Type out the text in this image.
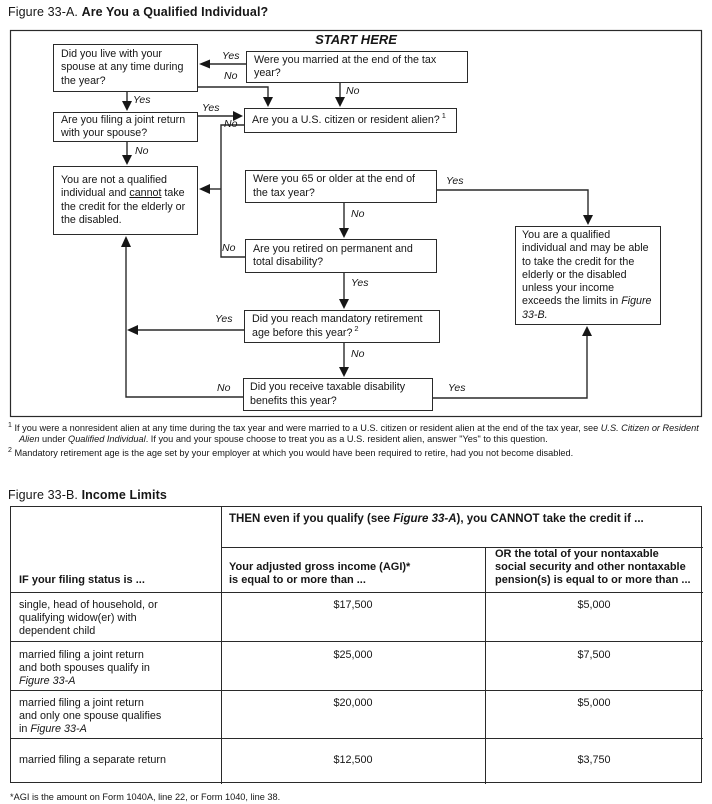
Figure 33-A. Are You a Qualified Individual?
START HERE
Did you live with your spouse at any time during the year?
Were you married at the end of the tax year?
Are you filing a joint return with your spouse?
Are you a U.S. citizen or resident alien? $^1$
You are not a qualified individual and cannot take the credit for the elderly or the disabled.
Were you 65 or older at the end of the tax year?
You are a qualified individual and may be able to take the credit for the elderly or the disabled unless your income exceeds the limits in Figure 33-B.
Are you retired on permanent and total disability?
Did you reach mandatory retirement age before this year? $^2$
Did you receive taxable disability benefits this year?
Yes
No
No
Yes
Yes
No
No
Yes
No
No
Yes
Yes
No
No	Yes
$^1$ If you were a nonresident alien at any time during the tax year and were married to a U.S. citizen or resident alien at the end of the tax year, see U.S. Citizen or Resident Alien under Qualified Individual. If you and your spouse choose to treat you as a U.S. resident alien, answer "Yes" to this question.
$^2$ Mandatory retirement age is the age set by your employer at which you would have been required to retire, had you not become disabled.
Figure 33-B. Income Limits
THEN even if you qualify (see Figure 33-A), you CANNOT take the credit if ...
IF your filing status is ...
Your adjusted gross income (AGI)*
is equal to or more than ...
OR the total of your nontaxable
social security and other nontaxable
pension(s) is equal to or more than ...
single, head of household, or
qualifying widow(er) with
dependent child
$17,500	$5,000
married filing a joint return
and both spouses qualify in
Figure 33-A
$25,000	$7,500
married filing a joint return
and only one spouse qualifies
in Figure 33-A
$20,000	$5,000
married filing a separate return	$12,500	$3,750
*AGI is the amount on Form 1040A, line 22, or Form 1040, line 38.
